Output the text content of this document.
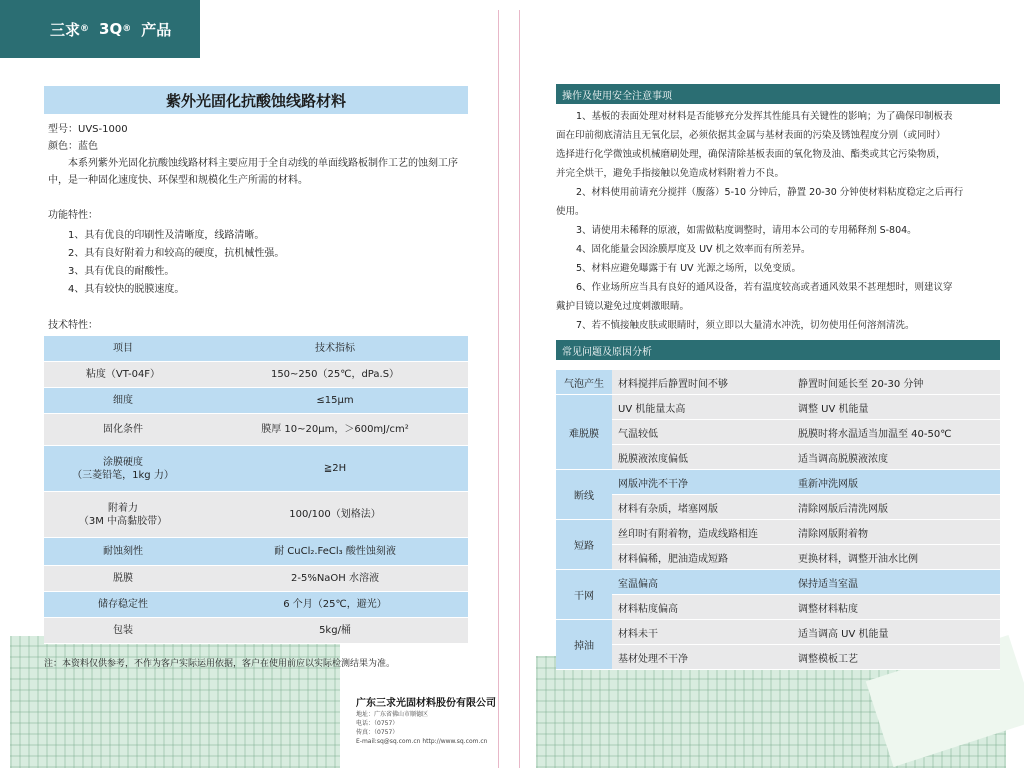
三求 ® 3Q ® 产品
紫外光固化抗酸蚀线路材料
型号：UVS-1000
颜色：蓝色
本系列紫外光固化抗酸蚀线路材料主要应用于全自动线的单面线路板制作工艺的蚀刻工序
中，是一种固化速度快、环保型和规模化生产所需的材料。
功能特性：
1、具有优良的印刷性及清晰度，线路清晰。
2、具有良好附着力和较高的硬度，抗机械性强。
3、具有优良的耐酸性。
4、具有较快的脱膜速度。
技术特性：
项目	技术指标
粘度（VT-04F）	150~250（25℃，dPa.S）
细度	≤15μm
固化条件	膜厚 10~20μm，＞600mJ/cm²
涂膜硬度
（三菱铅笔，1kg 力）	≧2H
附着力
（3M 中高黏胶带）	100/100（划格法）
耐蚀刻性	耐 CuCl₂.FeCl₃ 酸性蚀刻液
脱膜	2-5%NaOH 水溶液
储存稳定性	6 个月（25℃，避光）
包装	5kg/桶
注：本资料仅供参考，不作为客户实际运用依据，客户在使用前应以实际检测结果为准。
广东三求光固材料股份有限公司
地址：广东省佛山市顺德区
电话：（0757）
传真：（0757）
E-mail:sq@sq.com.cn http://www.sq.com.cn
操作及使用安全注意事项

1、基板的表面处理对材料是否能够充分发挥其性能具有关键性的影响；为了确保印制板表

面在印前彻底清洁且无氧化层，必须依据其金属与基材表面的污染及锈蚀程度分别（或同时）

选择进行化学微蚀或机械磨刷处理，确保清除基板表面的氧化物及油、酯类或其它污染物质，

并完全烘干，避免手指接触以免造成材料附着力不良。

2、材料使用前请充分搅拌（腹落）5-10 分钟后，静置 20-30 分钟使材料粘度稳定之后再行

使用。

3、请使用未稀释的原液，如需做粘度调整时，请用本公司的专用稀释剂 S-804。

4、固化能量会因涂膜厚度及 UV 机之效率而有所差异。

5、材料应避免曝露于有 UV 光源之场所，以免变质。

6、作业场所应当具有良好的通风设备，若有温度较高或者通风效果不甚理想时，则建议穿

戴护目镜以避免过度刺激眼睛。

7、若不慎接触皮肤或眼睛时，须立即以大量清水冲洗，切勿使用任何溶剂清洗。

常见问题及原因分析
气泡产生	材料搅拌后静置时间不够	静置时间延长至 20-30 分钟
难脱膜	UV 机能量太高	调整 UV 机能量
	气温较低	脱膜时将水温适当加温至 40-50℃
	脱膜液浓度偏低	适当调高脱膜液浓度
断线	网版冲洗不干净	重新冲洗网版
	材料有杂质，堵塞网版	清除网版后清洗网版
短路	丝印时有附着物，造成线路相连	清除网版附着物
	材料偏稀，肥油造成短路	更换材料，调整开油水比例
干网	室温偏高	保持适当室温
	材料粘度偏高	调整材料粘度
掉油	材料未干	适当调高 UV 机能量
	基材处理不干净	调整模板工艺
